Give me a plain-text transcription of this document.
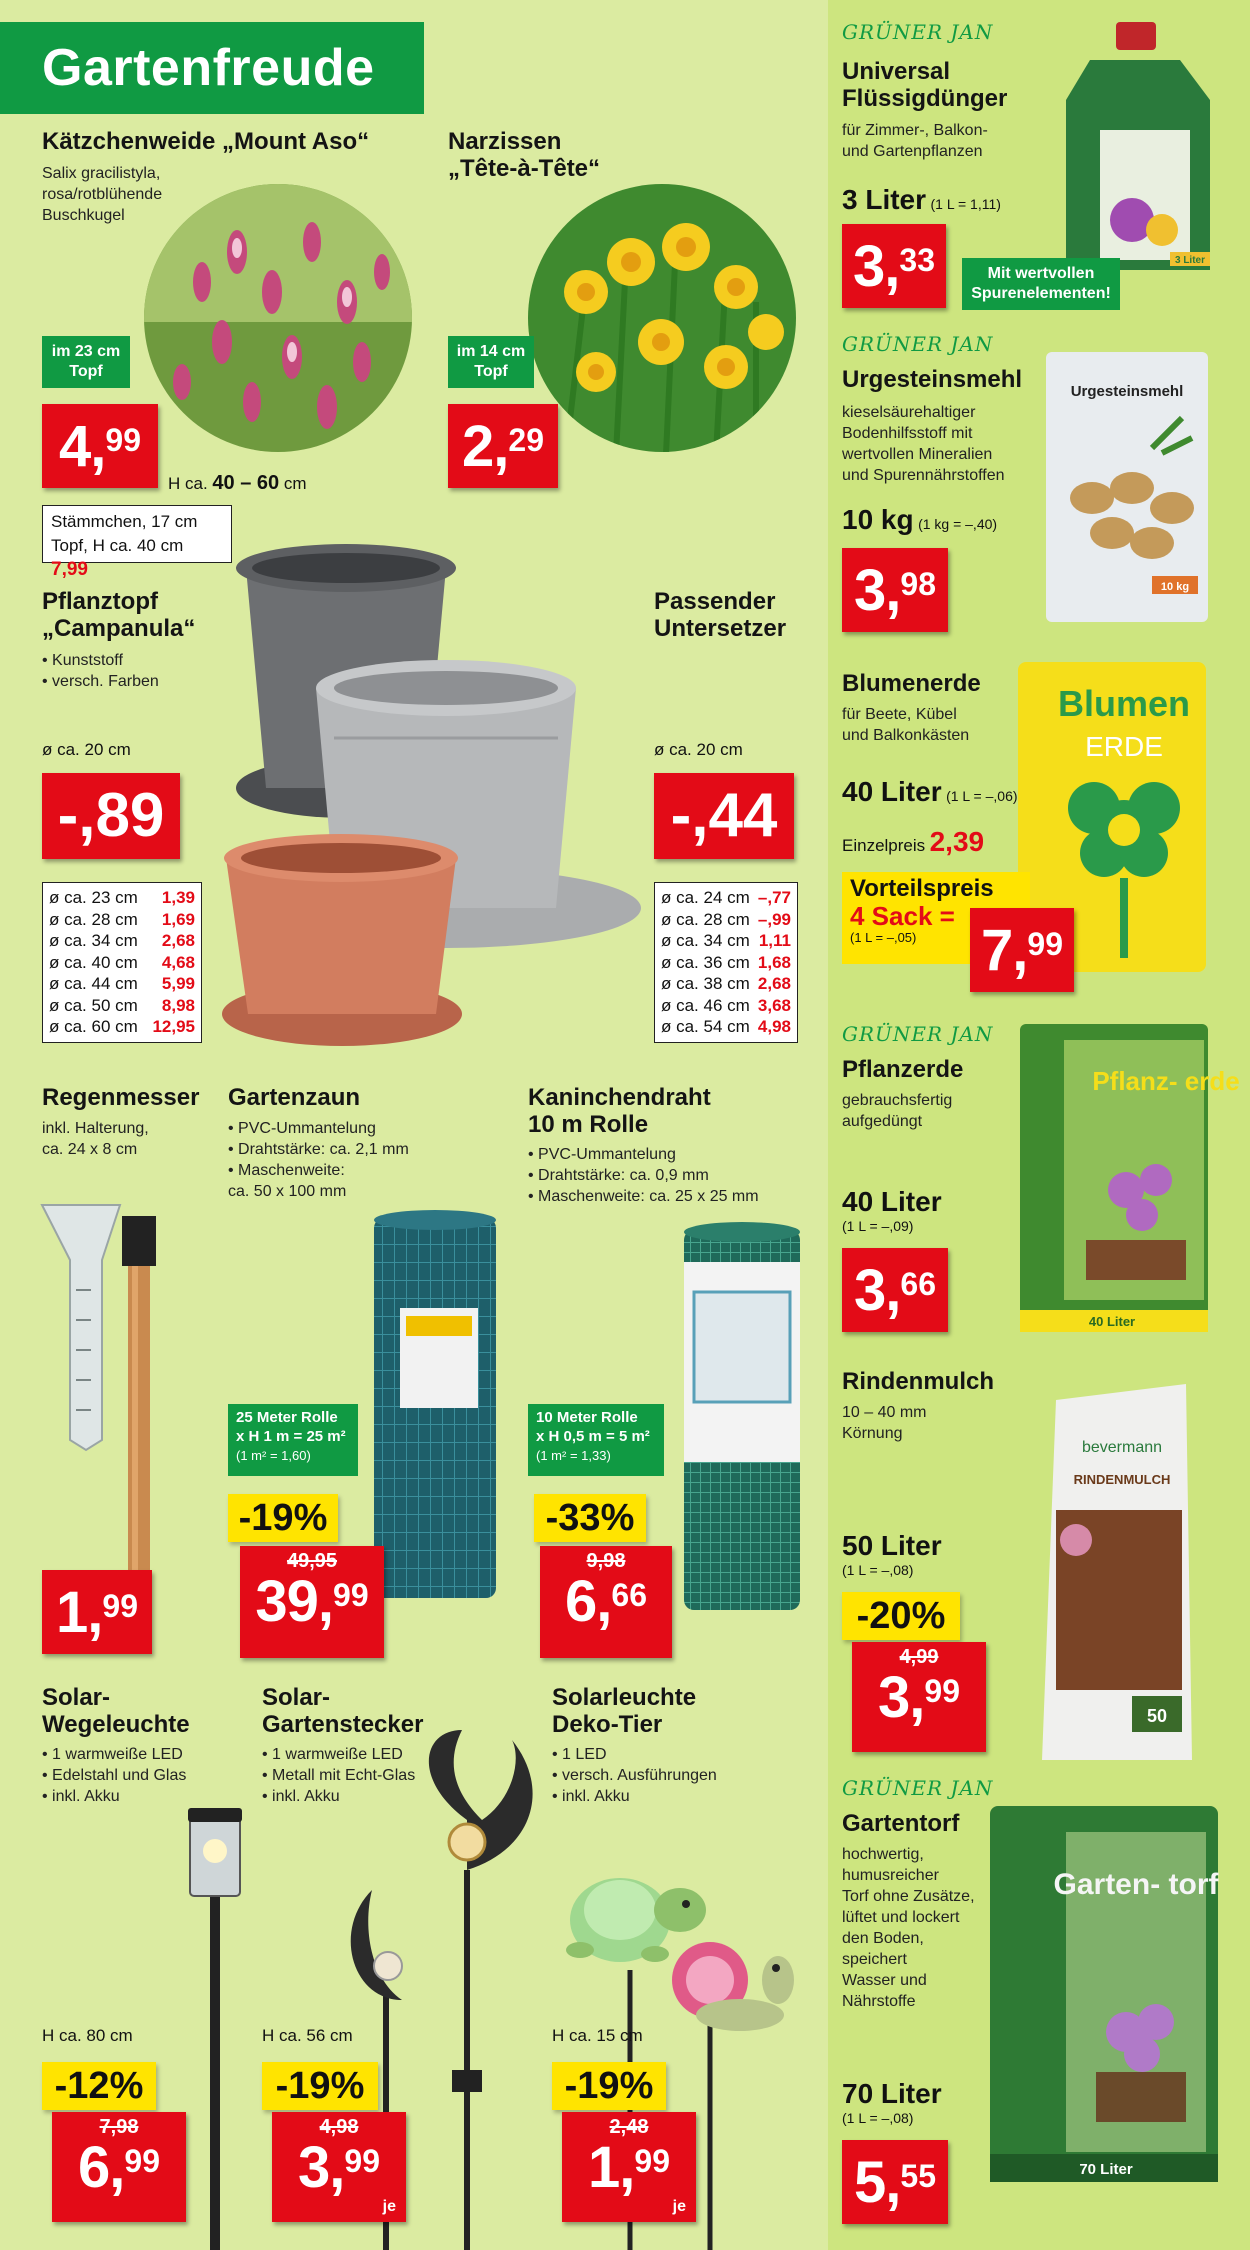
Gartenfreude
Kätzchenweide „Mount Aso“
Salix gracilistyla,
rosa/rotblühende
Buschkugel
im 23 cm
Topf
4, 99
H ca. 40 – 60 cm
Stämmchen, 17 cm
Topf, H ca. 40 cm 7,99
Narzissen
„Tête-à-Tête“
im 14 cm
Topf
2, 29
Pflanztopf
„Campanula“
• Kunststoff
• versch. Farben
ø ca. 20 cm
-,89
ø ca. 23 cm 1,39
ø ca. 28 cm 1,69
ø ca. 34 cm 2,68
ø ca. 40 cm 4,68
ø ca. 44 cm 5,99
ø ca. 50 cm 8,98
ø ca. 60 cm 12,95
Passender
Untersetzer
ø ca. 20 cm
-,44
ø ca. 24 cm –,77
ø ca. 28 cm –,99
ø ca. 34 cm 1,11
ø ca. 36 cm 1,68
ø ca. 38 cm 2,68
ø ca. 46 cm 3,68
ø ca. 54 cm 4,98
Regenmesser
inkl. Halterung,
ca. 24 x 8 cm
1, 99
Gartenzaun
• PVC-Ummantelung
• Drahtstärke: ca. 2,1 mm
• Maschenweite:
ca. 50 x 100 mm
25 Meter Rolle
x H 1 m = 25 m²
(1 m² = 1,60)
-19%
49,95
39, 99
Kaninchendraht
10 m Rolle
• PVC-Ummantelung
• Drahtstärke: ca. 0,9 mm
• Maschenweite: ca. 25 x 25 mm
10 Meter Rolle
x H 0,5 m = 5 m²
(1 m² = 1,33)
-33%
9,98
6, 66
Solar-
Wegeleuchte
• 1 warmweiße LED
• Edelstahl und Glas
• inkl. Akku
H ca. 80 cm
-12%
7,98
6, 99
Solar-
Gartenstecker
• 1 warmweiße LED
• Metall mit Echt-Glas
• inkl. Akku
H ca. 56 cm
-19%
4,98
3, 99
je
Solarleuchte
Deko-Tier
• 1 LED
• versch. Ausführungen
• inkl. Akku
H ca. 15 cm
-19%
2,48
1, 99
je
GRÜNER JAN
Universal
Flüssigdünger
für Zimmer-, Balkon-
und Gartenpflanzen
3 Liter (1 L = 1,11)
3 Liter
3, 33	Mit wertvollen
Spurenelementen!
GRÜNER JAN
Urgesteinsmehl
kieselsäurehaltiger
Bodenhilfsstoff mit
wertvollen Mineralien
und Spurennährstoffen
10 kg (1 kg = –,40)
Urgesteinsmehl
10 kg
3, 98
Blumenerde
für Beete, Kübel
und Balkonkästen
40 Liter (1 L = –,06)
Einzelpreis 2,39
Blumen
ERDE
Vorteilspreis
4 Sack =
(1 L = –,05)	7, 99
GRÜNER JAN
Pflanzerde
gebrauchsfertig
aufgedüngt
40 Liter
(1 L = –,09)
Pflanz- erde
40 Liter
3, 66
Rindenmulch
10 – 40 mm
Körnung
50 Liter
(1 L = –,08)
bevermann
RINDENMULCH
50
-20%
4,99
3, 99
GRÜNER JAN
Gartentorf
hochwertig,
humusreicher
Torf ohne Zusätze,
lüftet und lockert
den Boden,
speichert
Wasser und
Nährstoffe
70 Liter
(1 L = –,08)
Garten- torf
70 Liter
5, 55
